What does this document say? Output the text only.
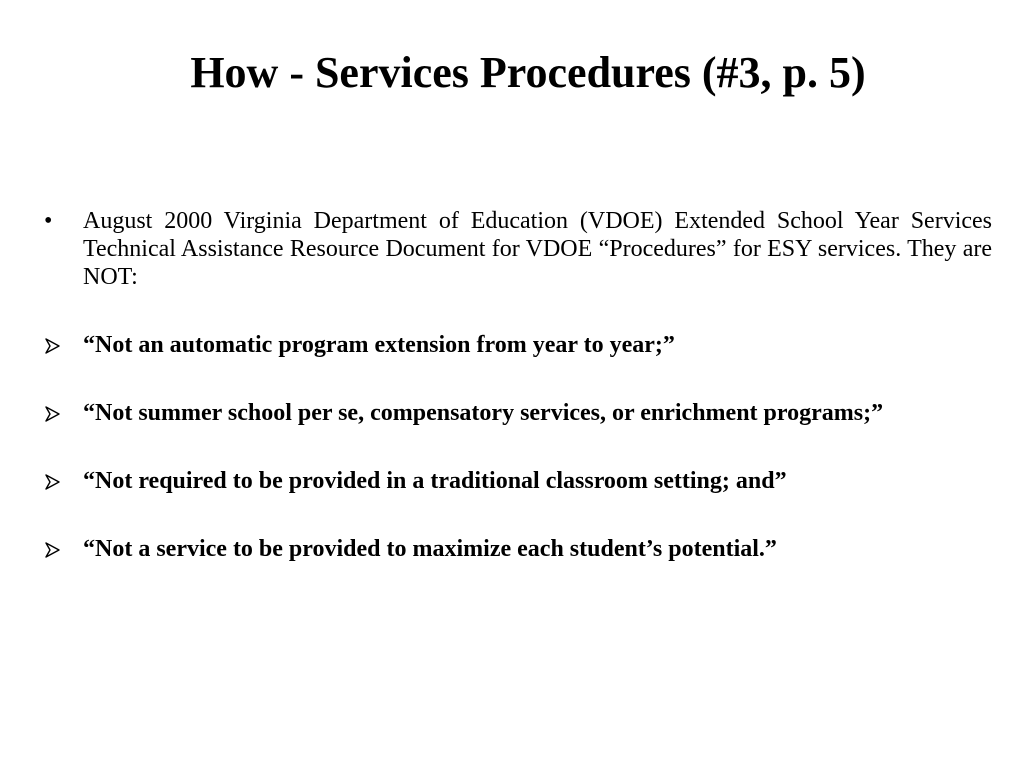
How - Services Procedures (#3, p. 5)
•	August 2000 Virginia Department of Education (VDOE) Extended School Year Services Technical Assistance Resource Document for VDOE “Procedures” for ESY services. They are NOT:
“Not an automatic program extension from year to year;”
“Not summer school per se, compensatory services, or enrichment programs;”
“Not required to be provided in a traditional classroom setting; and”
“Not a service to be provided to maximize each student’s potential.”
